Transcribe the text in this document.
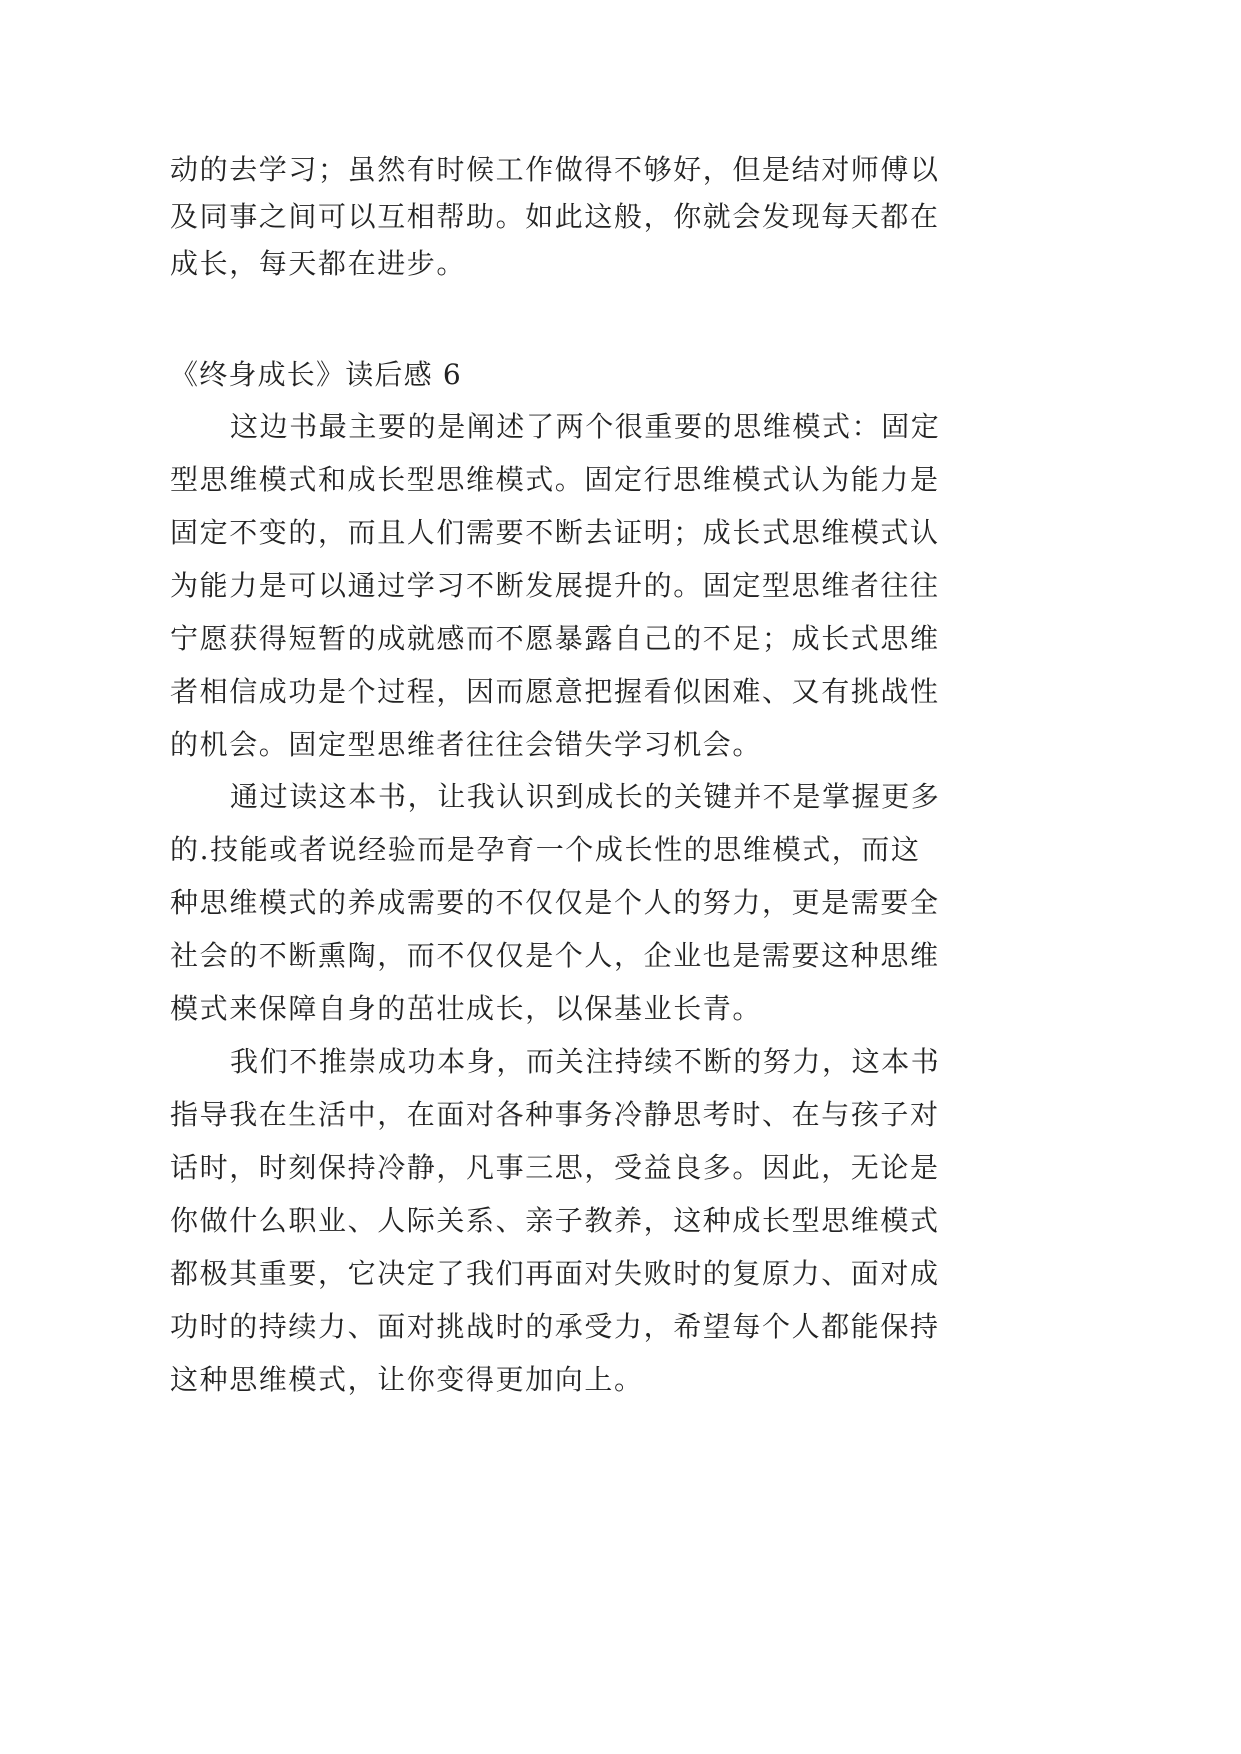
动的去学习；虽然有时候工作做得不够好，但是结对师傅以

及同事之间可以互相帮助。如此这般，你就会发现每天都在

成长，每天都在进步。

《终身成长》读后感 6

这边书最主要的是阐述了两个很重要的思维模式：固定

型思维模式和成长型思维模式。固定行思维模式认为能力是

固定不变的，而且人们需要不断去证明；成长式思维模式认

为能力是可以通过学习不断发展提升的。固定型思维者往往

宁愿获得短暂的成就感而不愿暴露自己的不足；成长式思维

者相信成功是个过程，因而愿意把握看似困难、又有挑战性

的机会。固定型思维者往往会错失学习机会。

通过读这本书，让我认识到成长的关键并不是掌握更多

的.技能或者说经验而是孕育一个成长性的思维模式，而这

种思维模式的养成需要的不仅仅是个人的努力，更是需要全

社会的不断熏陶，而不仅仅是个人，企业也是需要这种思维

模式来保障自身的茁壮成长，以保基业长青。

我们不推崇成功本身，而关注持续不断的努力，这本书

指导我在生活中，在面对各种事务冷静思考时、在与孩子对

话时，时刻保持冷静，凡事三思，受益良多。因此，无论是

你做什么职业、人际关系、亲子教养，这种成长型思维模式

都极其重要，它决定了我们再面对失败时的复原力、面对成

功时的持续力、面对挑战时的承受力，希望每个人都能保持

这种思维模式，让你变得更加向上。
